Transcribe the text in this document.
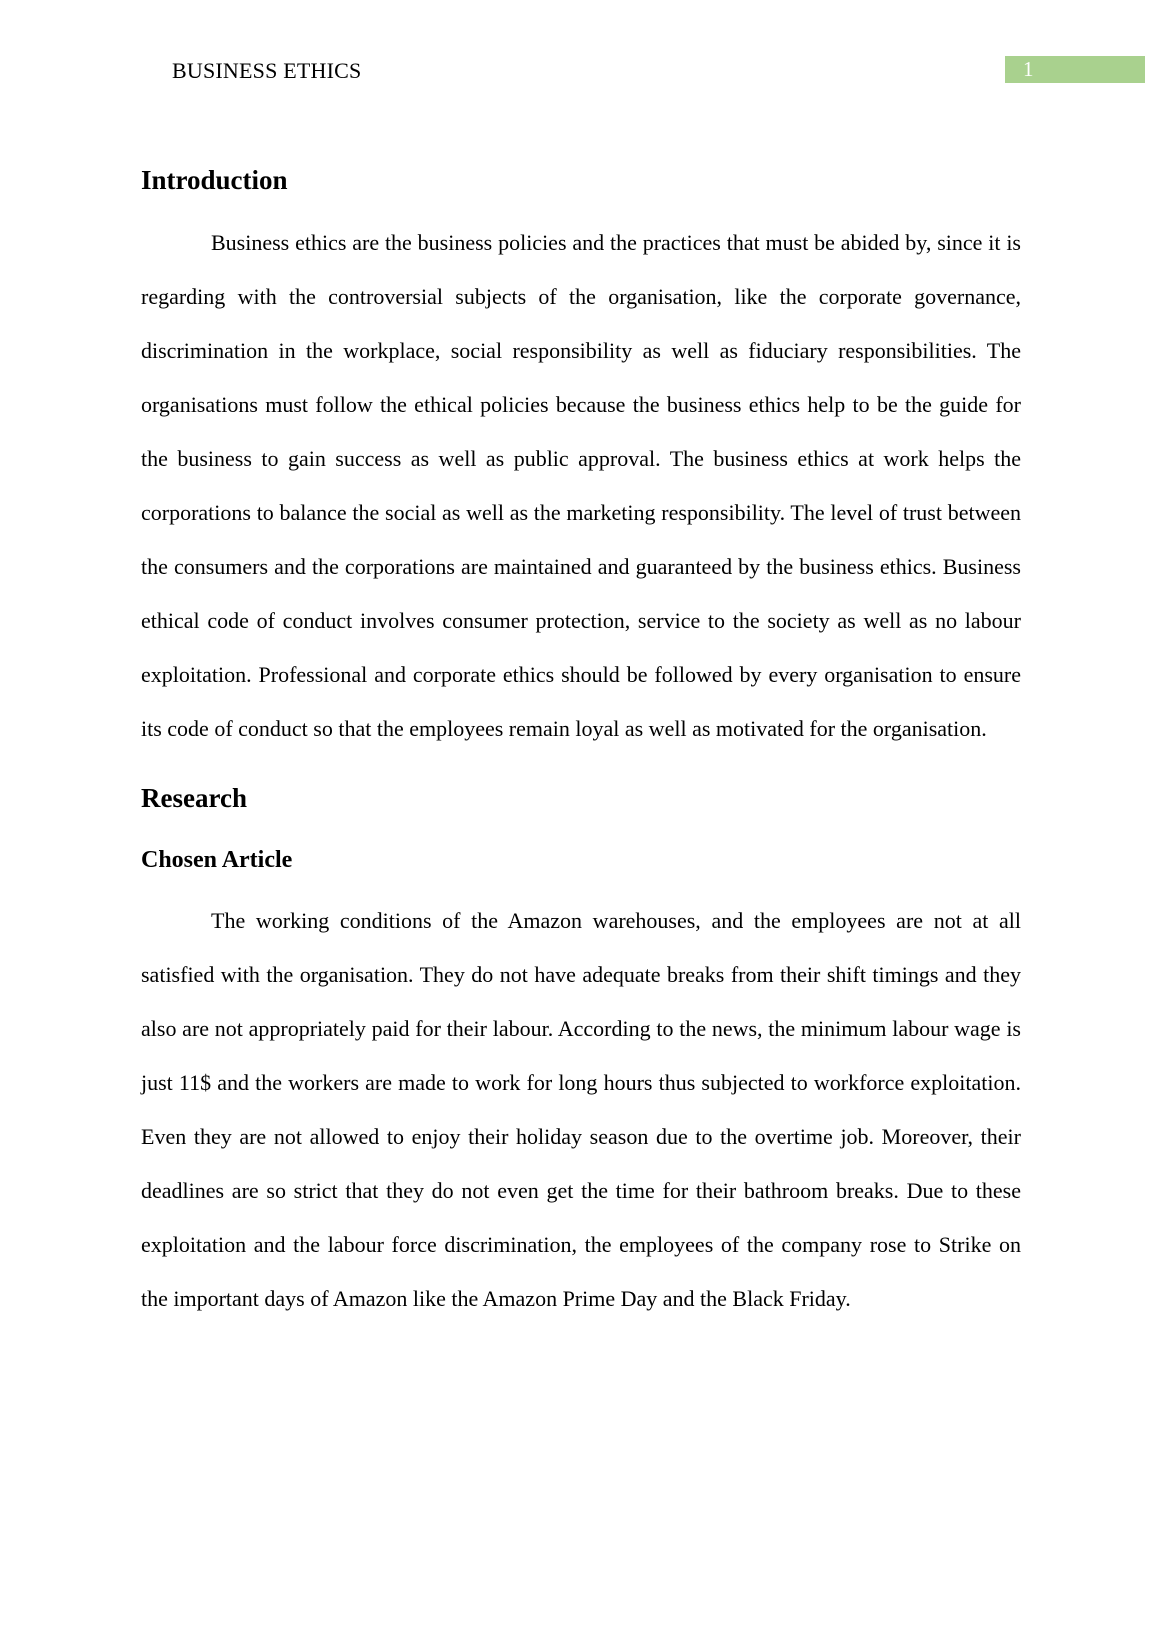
BUSINESS ETHICS	1
Introduction

Business ethics are the business policies and the practices that must be abided by, since it is regarding with the controversial subjects of the organisation, like the corporate governance, discrimination in the workplace, social responsibility as well as fiduciary responsibilities. The organisations must follow the ethical policies because the business ethics help to be the guide for the business to gain success as well as public approval. The business ethics at work helps the corporations to balance the social as well as the marketing responsibility. The level of trust between the consumers and the corporations are maintained and guaranteed by the business ethics. Business ethical code of conduct involves consumer protection, service to the society as well as no labour exploitation. Professional and corporate ethics should be followed by every organisation to ensure its code of conduct so that the employees remain loyal as well as motivated for the organisation.

Research
Chosen Article

The working conditions of the Amazon warehouses, and the employees are not at all satisfied with the organisation. They do not have adequate breaks from their shift timings and they also are not appropriately paid for their labour. According to the news, the minimum labour wage is just 11$ and the workers are made to work for long hours thus subjected to workforce exploitation. Even they are not allowed to enjoy their holiday season due to the overtime job. Moreover, their deadlines are so strict that they do not even get the time for their bathroom breaks. Due to these exploitation and the labour force discrimination, the employees of the company rose to Strike on the important days of Amazon like the Amazon Prime Day and the Black Friday.
